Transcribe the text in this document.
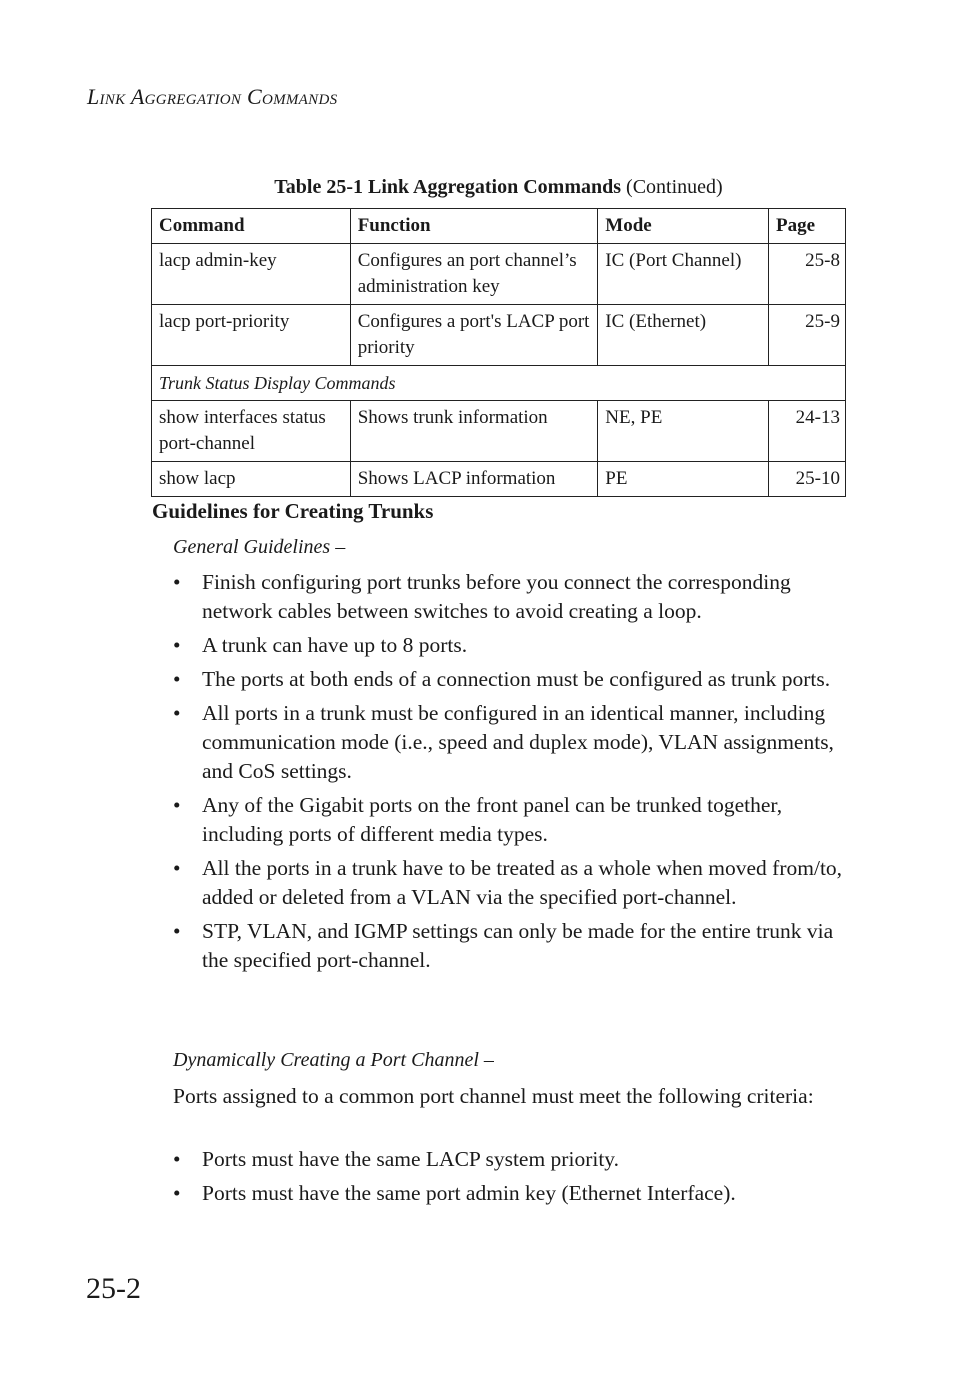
Link Aggregation Commands
Table 25-1 Link Aggregation Commands (Continued)
Command	Function	Mode	Page
lacp admin-key	Configures an port channel’s administration key	IC (Port Channel)	25-8
lacp port-priority	Configures a port's LACP port priority	IC (Ethernet)	25-9
Trunk Status Display Commands			
show interfaces status port-channel	Shows trunk information	NE, PE	24-13
show lacp	Shows LACP information	PE	25-10
Guidelines for Creating Trunks
General Guidelines –
• Finish configuring port trunks before you connect the corresponding network cables between switches to avoid creating a loop.
• A trunk can have up to 8 ports.
• The ports at both ends of a connection must be configured as trunk ports.
• All ports in a trunk must be configured in an identical manner, including communication mode (i.e., speed and duplex mode), VLAN assignments, and CoS settings.
• Any of the Gigabit ports on the front panel can be trunked together, including ports of different media types.
• All the ports in a trunk have to be treated as a whole when moved from/to, added or deleted from a VLAN via the specified port-channel.
• STP, VLAN, and IGMP settings can only be made for the entire trunk via the specified port-channel.
Dynamically Creating a Port Channel –
Ports assigned to a common port channel must meet the following criteria:
• Ports must have the same LACP system priority.
• Ports must have the same port admin key (Ethernet Interface).
25-2
